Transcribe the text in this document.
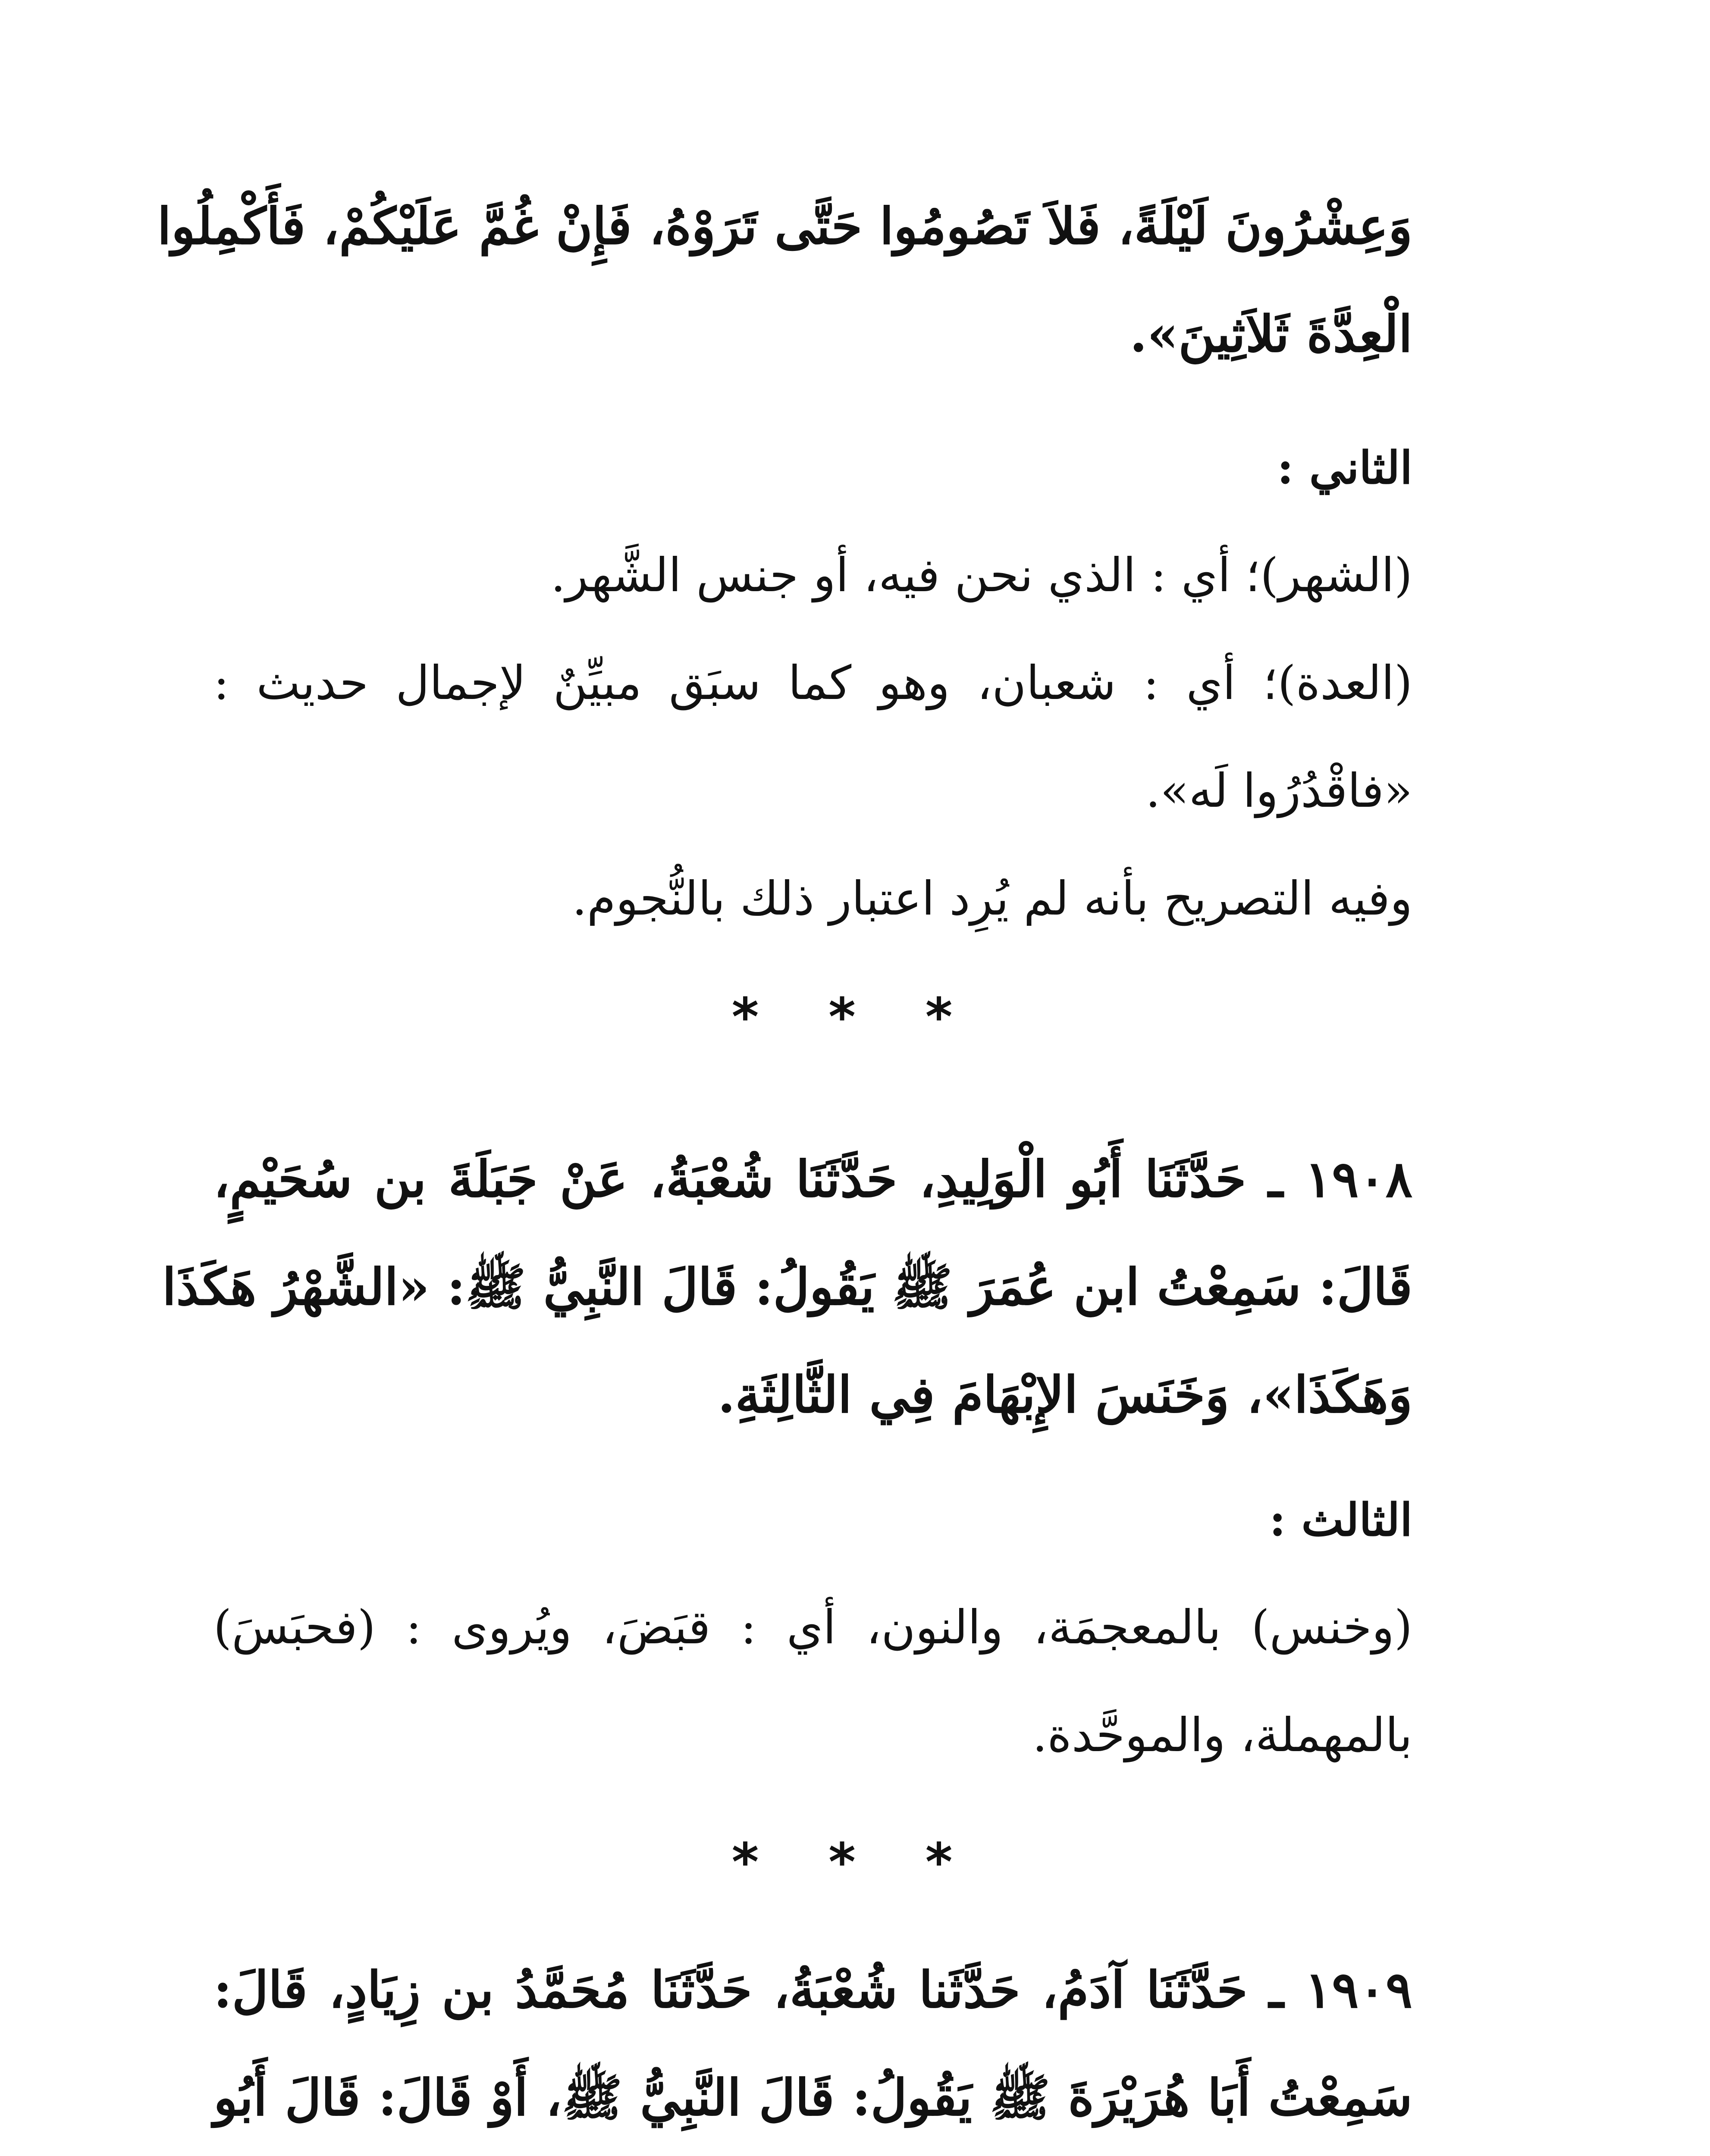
وَعِشْرُونَ لَيْلَةً، فَلاَ تَصُومُوا حَتَّى تَرَوْهُ، فَإِنْ غُمَّ عَلَيْكُمْ، فَأَكْمِلُوا
الْعِدَّةَ ثَلاَثِينَ».
الثاني :
(الشهر)؛ أي : الذي نحن فيه، أو جنس الشَّهر.
(العدة)؛ أي : شعبان، وهو كما سبَق مبيِّنٌ لإجمال حديث :
«فاقْدُرُوا لَه».
وفيه التصريح بأنه لم يُرِد اعتبار ذلك بالنُّجوم.
* * *
١٩٠٨ ـ حَدَّثَنَا أَبُو الْوَلِيدِ، حَدَّثَنَا شُعْبَةُ، عَنْ جَبَلَةَ بن سُحَيْمٍ،
قَالَ: سَمِعْتُ ابن عُمَرَ ﷺ يَقُولُ: قَالَ النَّبِيُّ ﷺ: «الشَّهْرُ هَكَذَا
وَهَكَذَا»، وَخَنَسَ الإِبْهَامَ فِي الثَّالِثَةِ.
الثالث :
(وخنس) بالمعجمَة، والنون، أي : قبَضَ، ويُروى : (فحبَسَ)
بالمهملة، والموحَّدة.
* * *
١٩٠٩ ـ حَدَّثَنَا آدَمُ، حَدَّثَنا شُعْبَةُ، حَدَّثَنَا مُحَمَّدُ بن زِيَادٍ، قَالَ:
سَمِعْتُ أَبَا هُرَيْرَةَ ﷺ يَقُولُ: قَالَ النَّبِيُّ ﷺ، أَوْ قَالَ: قَالَ أَبُو
